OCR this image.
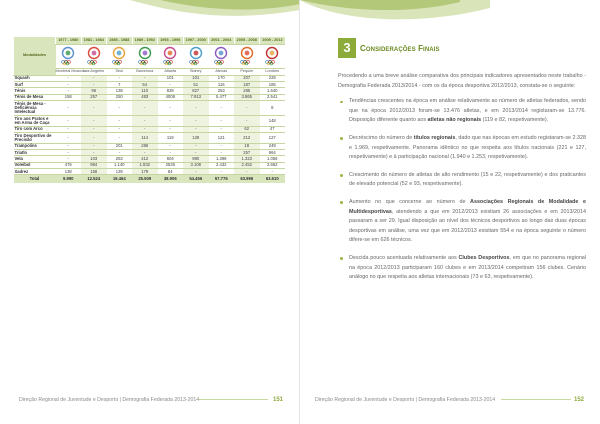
Modalidades	1977 - 1980	1981 - 1984	1985 - 1988	1989 - 1992	1993 - 1996	1997 - 2000	2001 - 2004	2005 - 2008	2009 - 2012

	Montreal Moscovo	Los Angeles	Seul	Barcelona	Atlanta	Sidney	Atenas	Pequim	Londres
Squash	-	-	-	-	101	101	170	207	229
Surf	-	-	7	54	-	51	116	187	185
Ténis	-	96	138	110	828	827	253	285	1.640
Ténis de Mesa	158	257	250	483	4008	7.913	5.477	3.865	2.541
Ténis de Mesa - Deficiência Intelectual	-	-	-	-	-	-	-	-	8
Tiro aos Pratos e em Arma de Caça	-	-	-	-	-	-	-	-	148
Tiro com Arco	-	-	-	-	-	-	-	62	47
Tiro Desportivo de Precisão	-	-	-	114	119	129	121	212	127
Trampolins	-	-	201	286	-	-	-	18	249
Triatlo	-	-	-	-	-	-	-	257	964
Vela	-	103	253	412	604	980	1.398	1.323	1.056
Voleibol	476	984	1.140	1.832	2535	3.108	2.432	2.452	2.662
Xadrez	138	158	139	179	84	-	-	-	-
Total	9.990	12.524	19.464	25.509	38.906	54.456	57.776	63.996	63.610
Direção Regional de Juventude e Desporto | Demografia Federada 2013-2014	151
3	Considerações Finais

Procedendo a uma breve análise comparativa dos principais indicadores apresentados neste trabalho - Demografia Federada 2013/2014 - com os da época desportiva 2012/2013, constata-se o seguinte:

Tendências crescentes na época em análise relativamente ao número de atletas federados, sendo que na época 2012/2013 foram-se 13.476 atletas, e em 2013/2014 registaram-se 13.776. Disposição diferente quanto aos atletas não regionais (119 e 82, respetivamente).
Decréscimo do número de títulos regionais, dado que nas épocas em estudo registaram-se 2.328 e 1.969, respetivamente. Panorama idêntico no que respeita aos títulos nacionais (221 e 127, respetivamente) e à participação nacional (1.940 e 1.253, respetivamente).
Crescimento do número de atletas de alto rendimento (15 e 22, respetivamente) e dos praticantes de elevado potencial (52 e 93, respetivamente).
Aumento no que concerne ao número de Associações Regionais de Modalidade e Multidesportivas, atendendo a que em 2012/2013 existiam 26 associações e em 2013/2014 passaram a ser 29. Igual disposição ao nível dos técnicos desportivos ao longo das duas épocas desportivas em análise, uma vez que em 2012/2013 existiam 554 e na época seguinte o número difere-se em 626 técnicos.
Descida pouco acentuada relativamente aos Clubes Desportivos, em que no panorama regional na época 2012/2013 participaram 160 clubes e em 2013/2014 competiram 156 clubes. Cenário análogo no que respeita aos atletas internacionais (73 e 63, respetivamente).
Direção Regional de Juventude e Desporto | Demografia Federada 2013-2014	152
